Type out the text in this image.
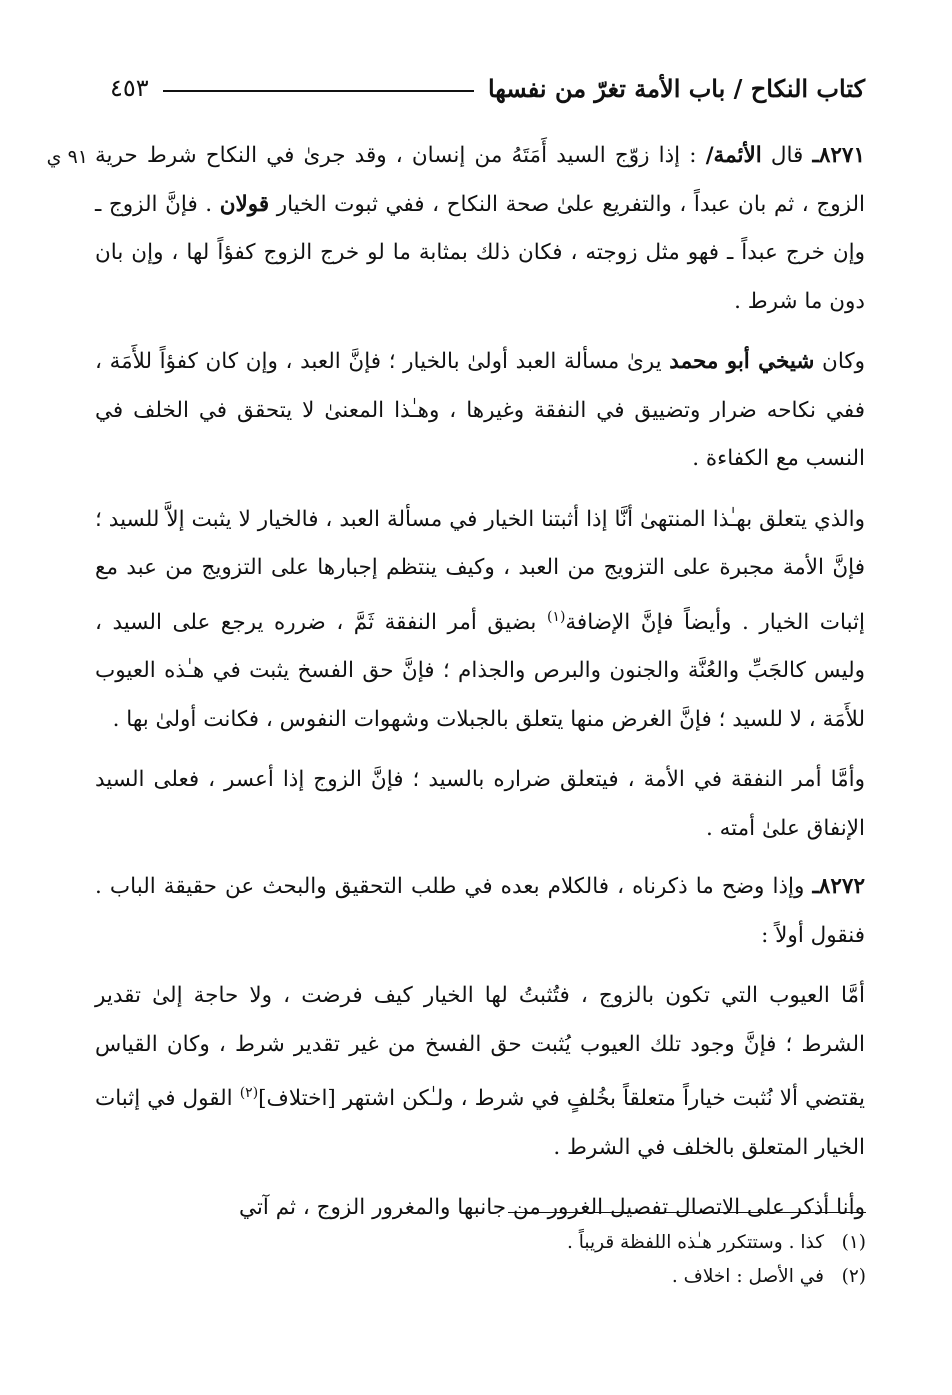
كتاب النكاح / باب الأمة تغرّ من نفسها
٤٥٣
٩١ ي	٨٢٧١ـ قال الأئمة/ : إذا زوّج السيد أَمَتَهُ من إنسان ، وقد جرىٰ في النكاح شرط حرية الزوج ، ثم بان عبداً ، والتفريع علىٰ صحة النكاح ، ففي ثبوت الخيار قولان . فإنَّ الزوج ـ وإن خرج عبداً ـ فهو مثل زوجته ، فكان ذلك بمثابة ما لو خرج الزوج كفؤاً لها ، وإن بان دون ما شرط .

وكان شيخي أبو محمد يرىٰ مسألة العبد أولىٰ بالخيار ؛ فإنَّ العبد ، وإن كان كفؤاً للأَمَة ، ففي نكاحه ضرار وتضييق في النفقة وغيرها ، وهـٰذا المعنىٰ لا يتحقق في الخلف في النسب مع الكفاءة .

والذي يتعلق بهـٰذا المنتهىٰ أنَّا إذا أثبتنا الخيار في مسألة العبد ، فالخيار لا يثبت إلاَّ للسيد ؛ فإنَّ الأمة مجبرة على التزويج من العبد ، وكيف ينتظم إجبارها على التزويج من عبد مع إثبات الخيار . وأيضاً فإنَّ الإضافة$^{(١)}$ بضيق أمر النفقة ثَمَّ ، ضرره يرجع على السيد ، وليس كالجَبِّ والعُنَّة والجنون والبرص والجذام ؛ فإنَّ حق الفسخ يثبت في هـٰذه العيوب للأَمَة ، لا للسيد ؛ فإنَّ الغرض منها يتعلق بالجبلات وشهوات النفوس ، فكانت أولىٰ بها .

وأمَّا أمر النفقة في الأمة ، فيتعلق ضراره بالسيد ؛ فإنَّ الزوج إذا أعسر ، فعلى السيد الإنفاق علىٰ أمته .

٨٢٧٢ـ وإذا وضح ما ذكرناه ، فالكلام بعده في طلب التحقيق والبحث عن حقيقة الباب . فنقول أولاً :

أمَّا العيوب التي تكون بالزوج ، فتُثبتُ لها الخيار كيف فرضت ، ولا حاجة إلىٰ تقدير الشرط ؛ فإنَّ وجود تلك العيوب يُثبت حق الفسخ من غير تقدير شرط ، وكان القياس يقتضي ألا نُثبت خياراً متعلقاً بخُلفٍ في شرط ، ولـٰكن اشتهر [اختلاف]$^{(٢)}$ القول في إثبات الخيار المتعلق بالخلف في الشرط .

وأنا أذكر على الاتصال تفصيل الغرور من جانبها والمغرور الزوج ، ثم آتي

(١)كذا . وستتكرر هـٰذه اللفظة قريباً .
(٢)في الأصل : اخلاف .
